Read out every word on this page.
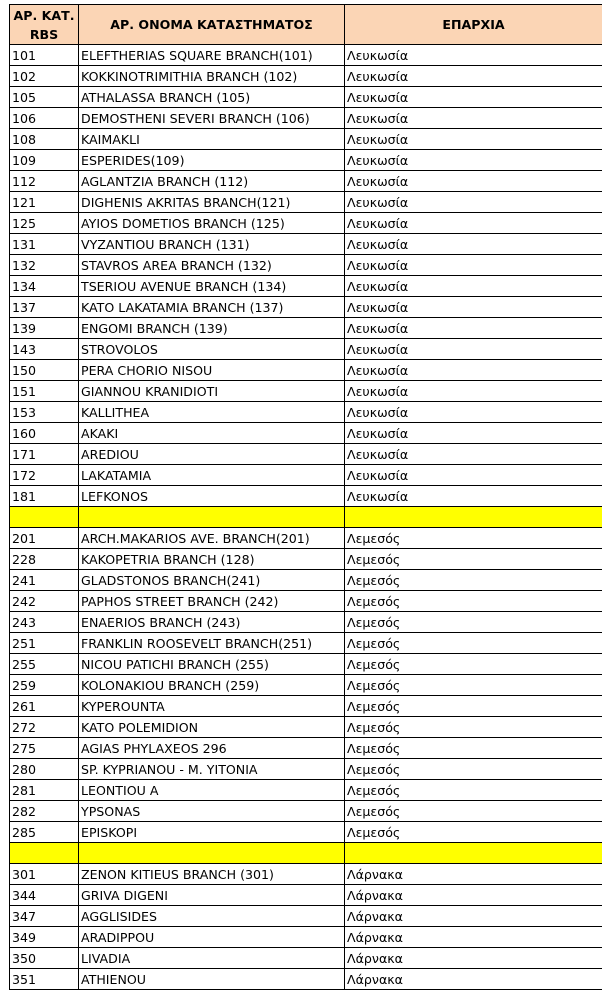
ΑΡ. ΚΑΤ. RBS	ΑΡ. ΟΝΟΜΑ ΚΑΤΑΣΤΗΜΑΤΟΣ	ΕΠΑΡΧΙΑ
101	ELEFTHERIAS SQUARE BRANCH(101)	Λευκωσία
102	KOKKINOTRIMITHIA BRANCH (102)	Λευκωσία
105	ATHALASSA BRANCH (105)	Λευκωσία
106	DEMOSTHENI SEVERI BRANCH (106)	Λευκωσία
108	KAIMAKLI	Λευκωσία
109	ESPERIDES(109)	Λευκωσία
112	AGLANTZIA BRANCH (112)	Λευκωσία
121	DIGHENIS AKRITAS BRANCH(121)	Λευκωσία
125	AYIOS DOMETIOS BRANCH (125)	Λευκωσία
131	VYZANTIOU BRANCH (131)	Λευκωσία
132	STAVROS AREA BRANCH (132)	Λευκωσία
134	TSERIOU AVENUE BRANCH (134)	Λευκωσία
137	KATO LAKATAMIA BRANCH (137)	Λευκωσία
139	ENGOMI BRANCH (139)	Λευκωσία
143	STROVOLOS	Λευκωσία
150	PERA CHORIO NISOU	Λευκωσία
151	GIANNOU KRANIDIOTI	Λευκωσία
153	KALLITHEA	Λευκωσία
160	AKAKI	Λευκωσία
171	AREDIOU	Λευκωσία
172	LAKATAMIA	Λευκωσία
181	LEFKONOS	Λευκωσία

201	ARCH.MAKARIOS AVE. BRANCH(201)	Λεμεσός
228	KAKOPETRIA BRANCH (128)	Λεμεσός
241	GLADSTONOS BRANCH(241)	Λεμεσός
242	PAPHOS STREET BRANCH (242)	Λεμεσός
243	ENAERIOS BRANCH (243)	Λεμεσός
251	FRANKLIN ROOSEVELT BRANCH(251)	Λεμεσός
255	NICOU PATICHI BRANCH (255)	Λεμεσός
259	KOLONAKIOU BRANCH (259)	Λεμεσός
261	KYPEROUNTA	Λεμεσός
272	KATO POLEMIDION	Λεμεσός
275	AGIAS PHYLAXEOS 296	Λεμεσός
280	SP. KYPRIANOU - M. YITONIA	Λεμεσός
281	LEONTIOU A	Λεμεσός
282	YPSONAS	Λεμεσός
285	EPISKOPI	Λεμεσός

301	ZENON KITIEUS BRANCH (301)	Λάρνακα
344	GRIVA DIGENI	Λάρνακα
347	AGGLISIDES	Λάρνακα
349	ARADIPPOU	Λάρνακα
350	LIVADIA	Λάρνακα
351	ATHIENOU	Λάρνακα
